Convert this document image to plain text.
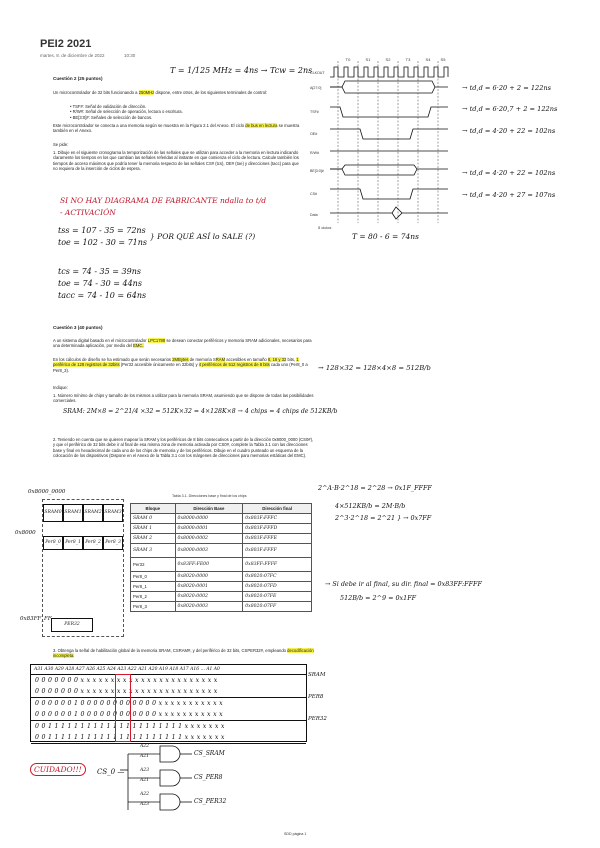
PEI2 2021
martes, 8. de diciembre de 2022	10:30
Cuestión 2 (25 puntos)
T = 1/125 MHz = 4ns → Tcw = 2ns
Un microcontrolador de 32 bits funcionando a 250MHz dispone, entre otros, de los siguientes terminales de control:
• TSF#: Señal de validación de dirección.
• R/W#: Señal de selección de operación, lectura o escritura.
• BE[3:0]#: Señales de selección de bancos.
Este microcontrolador se conecta a una memoria según se muestra en la Figura 2.1 del Anexo. El ciclo de bus en lectura se muestra también en el Anexo.
Se pide:
1. Dibuje en el siguiente cronograma la temporización de las señales que se utilizan para acceder a la memoria en lectura indicando claramente los tiempos en los que cambian las señales referidas al instante en que comienza el ciclo de lectura. Calcule también los tiempos de acceso máximos que podría tener la memoria respecto de las señales CS# (tcs), OE# (toe) y direcciones (tacc) para que no requiera de la inserción de ciclos de espera.
SI NO HAY DIAGRAMA DE FABRICANTE ndalla to t/d
- ACTIVACIÓN
tss = 107 - 35 = 72ns
toe = 102 - 30 = 71ns
} POR QUÉ ASÍ lo SALE (?)
tcs = 74 - 35 = 39ns
toe = 74 - 30 = 44ns
tacc = 74 - 10 = 64ns
T0	S1	S2	T3	S4	S5
CLKOUT
A[27:0]
TSF#
OE#
R/W#
BE[3:0]#
CS#
Data
5 ciclos
→ td,d = 6·20 + 2 = 122ns
→ td,d = 6·20,7 + 2 = 122ns
→ td,d = 4·20 + 22 = 102ns
→ td,d = 4·20 + 22 = 102ns
→ td,d = 4·20 + 27 = 107ns
T = 80 - 6 = 74ns
Cuestión 3 (40 puntos)
A un sistema digital basado en el microcontrolador LPC1788 se desean conectar periféricos y memoria SRAM adicionales, necesarios para una determinada aplicación, por medio del EMC.
En los cálculos de diseño se ha estimado que serán necesarios 2MBytes de memoria SRAM accesibles en tamaño 8, 16 y 32 bits, 1 periférico de 128 registros de 32bits (Per32 accesible únicamente en 32bits) y 4 periféricos de 512 registros de 8 bits cada uno (Per8_0 a Per8_3).	→ 128×32 = 128×4×8 = 512B/b
Indique:
1. Número mínimo de chips y tamaño de los mismos a utilizar para la memoria SRAM, asumiendo que se dispone de todas las posibilidades comerciales.
SRAM: 2M×8 = 2^21/4 ×32 = 512K×32 = 4×128K×8 → 4 chips = 4 chips de 512KB/b
2. Teniendo en cuenta que se quieren mapear la SRAM y los periféricos de 8 bits consecutivos a partir de la dirección 0x8000_0000 (CS0#), y que el periférico de 32 bits debe ir al final de esa misma zona de memoria activada por CS0#, complete la Tabla 3.1 con las direcciones base y final en hexadecimal de cada uno de los chips de memoria y de los periféricos. Dibuje en el cuadro punteado un esquema de la colocación de los dispositivos (Dispone en el Anexo de la Tabla 3.1 con los márgenes de direcciones para memorias estáticas del EMC).
2^A·B·2^18 = 2^28 → 0x1F_FFFF
4×512KB/b = 2M·B/b
2^3·2^18 = 2^21 } → 0x7FF
→ Si debe ir al final, su dir. final = 0x83FF:FFFF
512B/b = 2^9 = 0x1FF
0x8000_0000
0x8000
0x83FF_FF
SRAM0 SRAM1 SRAM2 SRAM3
Per8_0 Per8_1 Per8_2 Per8_3
PER32
Tabla 3.1. Direcciones base y final de los chips
Bloque	Dirección Base	Dirección final
SRAM 0	0x8000:0000	0x803F:FFFC
SRAM 1	0x8000:0001	0x803F:FFFD
SRAM 2	0x8000:0002	0x803F:FFFE
SRAM 3	0x8000:0003	0x803F:FFFF
Per32	0x83FF:FE00	0x83FF:FFFF
Per8_0	0x8020:0000	0x8020:07FC
Per8_1	0x8020:0001	0x8020:07FD
Per8_2	0x8020:0002	0x8020:07FE
Per8_3	0x8020:0003	0x8020:07FF
3. Obtenga la señal de habilitación global de la memoria SRAM, CSRAM#, y del periférico de 32 bits, CSPER32#, empleando decodificación incompleta.
A31 A30 A29 A28 A27 A26 A25 A24 A23 A22 A21 A20 A19 A18 A17 A16 ... A1 A0
0 0 0 0 0 0 0 x x x x x x x x x x x x x x x x x x x x x x x
0 0 0 0 0 0 0 x x x x x x x x x x x x x x x x x x x x x x x
0 0 0 0 0 0 1 0 0 0 0 0 0 0 0 0 0 0 0 x x x x x x x x x x x
0 0 0 0 0 0 1 0 0 0 0 0 0 0 0 0 0 0 0 x x x x x x x x x x x
0 0 1 1 1 1 1 1 1 1 1 1 1 1 1 1 1 1 1 1 1 1 1 x x x x x x x
0 0 1 1 1 1 1 1 1 1 1 1 1 1 1 1 1 1 1 1 1 1 1 x x x x x x x
SRAM
PER8
PER32
CUIDADO!!!	CS_0 —
CS_SRAM
CS_PER8
CS_PER32
A22
A21
A23
A21
A22
A23
SDD página 1
